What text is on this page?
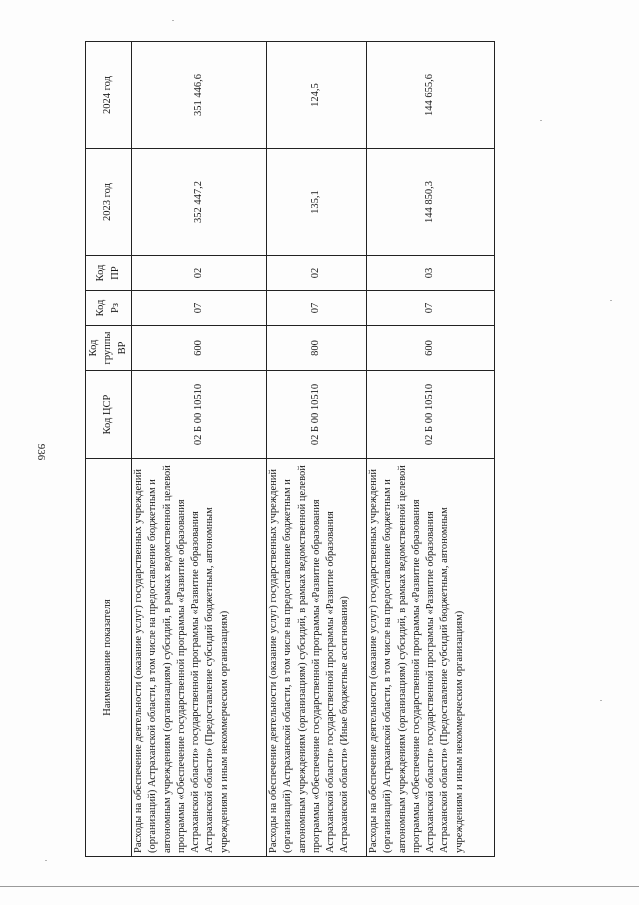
936
Наименование показателя	Код ЦСР	Код группы ВР	Код Рз	Код ПР	2023 год	2024 год
Расходы на обеспечение деятельности (оказание услуг) государственных учреждений (организаций) Астраханской области, в том числе на предоставление бюджетным и автономным учреждениям (организациям) субсидий, в рамках ведомственной целевой программы «Обеспечение государственной программы «Развитие образования Астраханской области» государственной программы «Развитие образования Астраханской области» (Предоставление субсидий бюджетным, автономным учреждениям и иным некоммерческим организациям)	02 Б 00 10510	600	07	02	352 447,2	351 446,6
Расходы на обеспечение деятельности (оказание услуг) государственных учреждений (организаций) Астраханской области, в том числе на предоставление бюджетным и автономным учреждениям (организациям) субсидий, в рамках ведомственной целевой программы «Обеспечение государственной программы «Развитие образования Астраханской области» государственной программы «Развитие образования Астраханской области» (Иные бюджетные ассигнования)	02 Б 00 10510	800	07	02	135,1	124,5
Расходы на обеспечение деятельности (оказание услуг) государственных учреждений (организаций) Астраханской области, в том числе на предоставление бюджетным и автономным учреждениям (организациям) субсидий, в рамках ведомственной целевой программы «Обеспечение государственной программы «Развитие образования Астраханской области» государственной программы «Развитие образования Астраханской области» (Предоставление субсидий бюджетным, автономным учреждениям и иным некоммерческим организациям)	02 Б 00 10510	600	07	03	144 850,3	144 655,6
